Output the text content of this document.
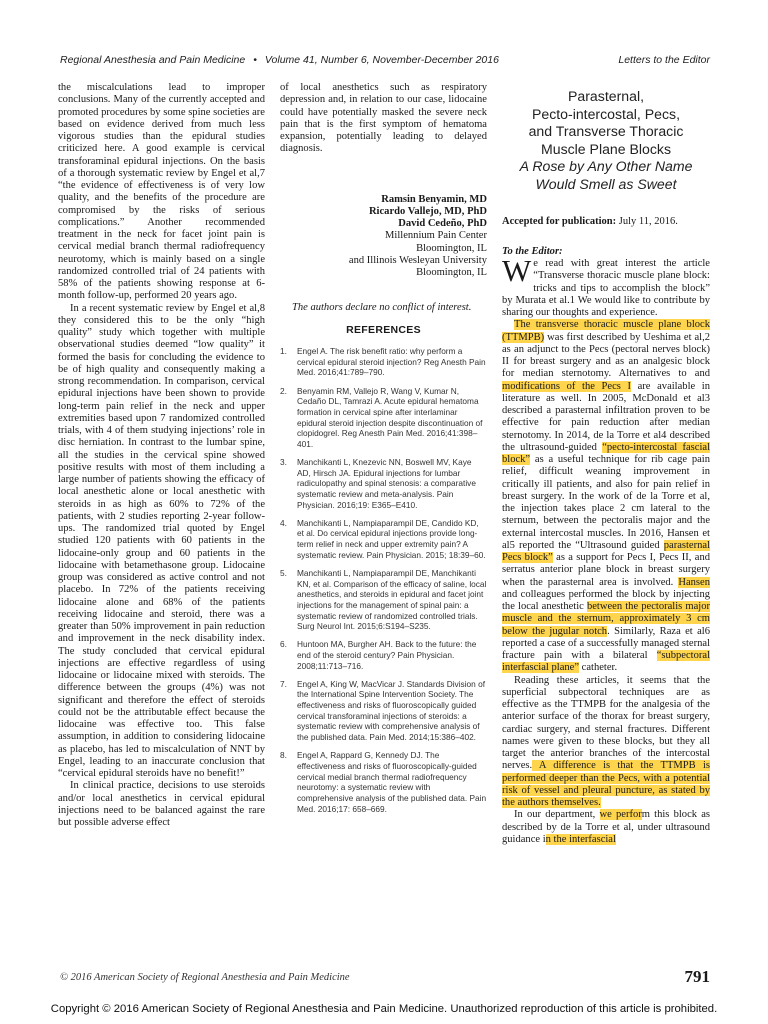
Regional Anesthesia and Pain Medicine • Volume 41, Number 6, November-December 2016	Letters to the Editor

the miscalculations lead to improper conclusions. Many of the currently accepted and promoted procedures by some spine societies are based on evidence derived from much less vigorous studies than the epidural studies criticized here. A good example is cervical transforaminal epidural injections. On the basis of a thorough systematic review by Engel et al,7 “the evidence of effectiveness is of very low quality, and the benefits of the procedure are compromised by the risks of serious complications.” Another recommended treatment in the neck for facet joint pain is cervical medial branch thermal radiofrequency neurotomy, which is mainly based on a single randomized controlled trial of 24 patients with 58% of the patients showing response at 6-month follow-up, performed 20 years ago.

In a recent systematic review by Engel et al,8 they considered this to be the only “high quality” study which together with multiple observational studies deemed “low quality” it formed the basis for concluding the evidence to be of high quality and consequently making a strong recommendation. In comparison, cervical epidural injections have been shown to provide long-term pain relief in the neck and upper extremities based upon 7 randomized controlled trials, with 4 of them studying injections’ role in disc herniation. In contrast to the lumbar spine, all the studies in the cervical spine showed positive results with most of them including a large number of patients showing the efficacy of local anesthetic alone or local anesthetic with steroids in as high as 60% to 72% of the patients, with 2 studies reporting 2-year follow-ups. The randomized trial quoted by Engel studied 120 patients with 60 patients in the lidocaine-only group and 60 patients in the lidocaine with betamethasone group. Lidocaine group was considered as active control and not placebo. In 72% of the patients receiving lidocaine alone and 68% of the patients receiving lidocaine and steroid, there was a greater than 50% improvement in pain reduction and improvement in the neck disability index. The study concluded that cervical epidural injections are effective regardless of using lidocaine or lidocaine mixed with steroids. The difference between the groups (4%) was not significant and therefore the effect of steroids could not be the attributable effect because the lidocaine was effective too. This false assumption, in addition to considering lidocaine as placebo, has led to miscalculation of NNT by Engel, leading to an inaccurate conclusion that “cervical epidural steroids have no benefit!”

In clinical practice, decisions to use steroids and/or local anesthetics in cervical epidural injections need to be balanced against the rare but possible adverse effect

of local anesthetics such as respiratory depression and, in relation to our case, lidocaine could have potentially masked the severe neck pain that is the first symptom of hematoma expansion, potentially leading to delayed diagnosis.

Ramsin Benyamin, MD
Ricardo Vallejo, MD, PhD
David Cedeño, PhD
Millennium Pain Center
Bloomington, IL
and Illinois Wesleyan University
Bloomington, IL

The authors declare no conflict of interest.

REFERENCES
1. Engel A. The risk benefit ratio: why perform a cervical epidural steroid injection? Reg Anesth Pain Med. 2016;41:789–790.
2. Benyamin RM, Vallejo R, Wang V, Kumar N, Cedaño DL, Tamrazi A. Acute epidural hematoma formation in cervical spine after interlaminar epidural steroid injection despite discontinuation of clopidogrel. Reg Anesth Pain Med. 2016;41:398–401.
3. Manchikanti L, Knezevic NN, Boswell MV, Kaye AD, Hirsch JA. Epidural injections for lumbar radiculopathy and spinal stenosis: a comparative systematic review and meta-analysis. Pain Physician. 2016;19: E365–E410.
4. Manchikanti L, Nampiaparampil DE, Candido KD, et al. Do cervical epidural injections provide long-term relief in neck and upper extremity pain? A systematic review. Pain Physician. 2015; 18:39–60.
5. Manchikanti L, Nampiaparampil DE, Manchikanti KN, et al. Comparison of the efficacy of saline, local anesthetics, and steroids in epidural and facet joint injections for the management of spinal pain: a systematic review of randomized controlled trials. Surg Neurol Int. 2015;6:S194–S235.
6. Huntoon MA, Burgher AH. Back to the future: the end of the steroid century? Pain Physician. 2008;11:713–716.
7. Engel A, King W, MacVicar J. Standards Division of the International Spine Intervention Society. The effectiveness and risks of fluoroscopically guided cervical transforaminal injections of steroids: a systematic review with comprehensive analysis of the published data. Pain Med. 2014;15:386–402.
8. Engel A, Rappard G, Kennedy DJ. The effectiveness and risks of fluoroscopically-guided cervical medial branch thermal radiofrequency neurotomy: a systematic review with comprehensive analysis of the published data. Pain Med. 2016;17: 658–669.
Parasternal,
Pecto-intercostal, Pecs,
and Transverse Thoracic
Muscle Plane Blocks
A Rose by Any Other Name
Would Smell as Sweet
Accepted for publication: July 11, 2016.
To the Editor:

We read with great interest the article “Transverse thoracic muscle plane block: tricks and tips to accomplish the block” by Murata et al.1 We would like to contribute by sharing our thoughts and experience.

The transverse thoracic muscle plane block (TTMPB) was first described by Ueshima et al,2 as an adjunct to the Pecs (pectoral nerves block) II for breast surgery and as an analgesic block for median sternotomy. Alternatives to and modifications of the Pecs I are available in literature as well. In 2005, McDonald et al3 described a parasternal infiltration proven to be effective for pain reduction after median sternotomy. In 2014, de la Torre et al4 described the ultrasound-guided “pecto-intercostal fascial block” as a useful technique for rib cage pain relief, difficult weaning improvement in critically ill patients, and also for pain relief in breast surgery. In the work of de la Torre et al, the injection takes place 2 cm lateral to the sternum, between the pectoralis major and the external intercostal muscles. In 2016, Hansen et al5 reported the “Ultrasound guided parasternal Pecs block” as a support for Pecs I, Pecs II, and serratus anterior plane block in breast surgery when the parasternal area is involved. Hansen and colleagues performed the block by injecting the local anesthetic between the pectoralis major muscle and the sternum, approximately 3 cm below the jugular notch. Similarly, Raza et al6 reported a case of a successfully managed sternal fracture pain with a bilateral “subpectoral interfascial plane” catheter.

Reading these articles, it seems that the superficial subpectoral techniques are as effective as the TTMPB for the analgesia of the anterior surface of the thorax for breast surgery, cardiac surgery, and sternal fractures. Different names were given to these blocks, but they all target the anterior branches of the intercostal nerves. A difference is that the TTMPB is performed deeper than the Pecs, with a potential risk of vessel and pleural puncture, as stated by the authors themselves.

In our department, we perform this block as described by de la Torre et al, under ultrasound guidance in the interfascial

© 2016 American Society of Regional Anesthesia and Pain Medicine	791
Copyright © 2016 American Society of Regional Anesthesia and Pain Medicine. Unauthorized reproduction of this article is prohibited.
